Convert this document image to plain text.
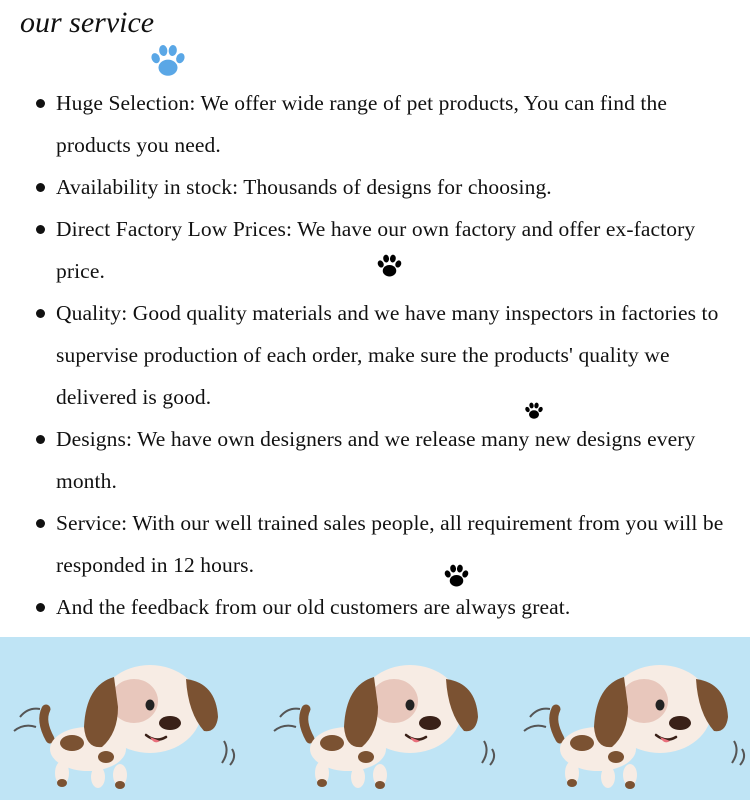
our service
Huge Selection: We offer wide range of pet products, You can find the products you need.
Availability in stock: Thousands of designs for choosing.
Direct Factory Low Prices: We have our own factory and offer ex-factory price.
Quality: Good quality materials and we have many inspectors in factories to supervise production of each order, make sure the products' quality we delivered is good.
Designs: We have own designers and we release many new designs every month.
Service: With our well trained sales people, all requirement from you will be responded in 12 hours.
And the feedback from our old customers are always great.
